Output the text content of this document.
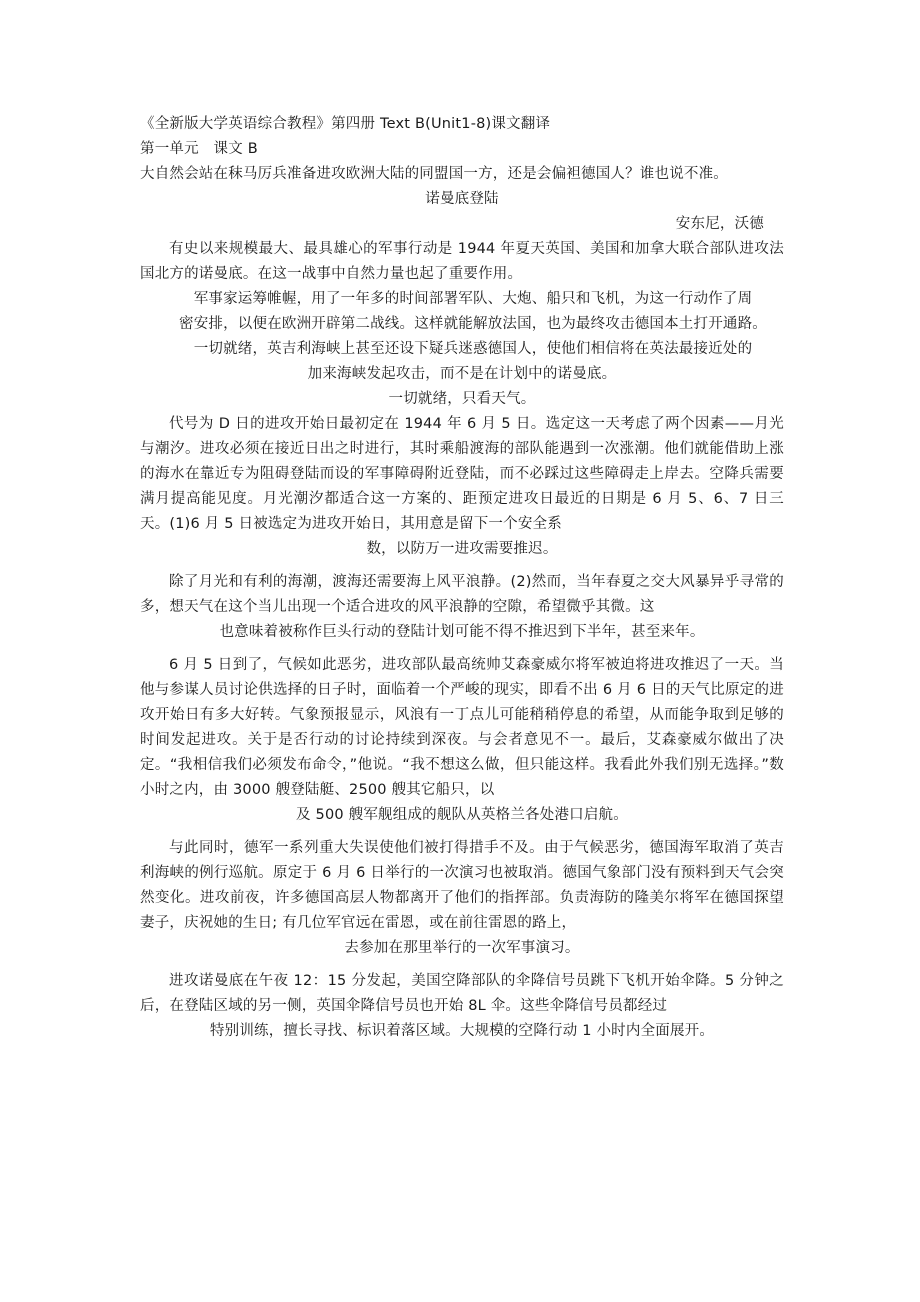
《全新版大学英语综合教程》第四册 Text B(Unit1-8)课文翻译

第一单元　课文 B

大自然会站在秣马厉兵准备进攻欧洲大陆的同盟国一方，还是会偏袒德国人？谁也说不准。

诺曼底登陆

安东尼，沃德

有史以来规模最大、最具雄心的军事行动是 1944 年夏天英国、美国和加拿大联合部队进攻法国北方的诺曼底。在这一战事中自然力量也起了重要作用。

军事家运筹帷幄，用了一年多的时间部署军队、大炮、船只和飞机，为这一行动作了周

密安排，以便在欧洲开辟第二战线。这样就能解放法国，也为最终攻击德国本土打开通路。

一切就绪，英吉利海峡上甚至还设下疑兵迷惑德国人，使他们相信将在英法最接近处的

加来海峡发起攻击，而不是在计划中的诺曼底。

一切就绪，只看天气。

代号为 D 日的进攻开始日最初定在 1944 年 6 月 5 日。选定这一天考虑了两个因素——月光与潮汐。进攻必须在接近日出之时进行，其时乘船渡海的部队能遇到一次涨潮。他们就能借助上涨的海水在靠近专为阻碍登陆而设的军事障碍附近登陆，而不必踩过这些障碍走上岸去。空降兵需要满月提高能见度。月光潮汐都适合这一方案的、距预定进攻日最近的日期是 6 月 5、6、7 日三天。(1)6 月 5 日被选定为进攻开始日，其用意是留下一个安全系
数，以防万一进攻需要推迟。
除了月光和有利的海潮，渡海还需要海上风平浪静。(2)然而，当年春夏之交大风暴异乎寻常的多，想天气在这个当儿出现一个适合进攻的风平浪静的空隙，希望微乎其微。这
也意味着被称作巨头行动的登陆计划可能不得不推迟到下半年，甚至来年。
6 月 5 日到了，气候如此恶劣，进攻部队最高统帅艾森豪威尔将军被迫将进攻推迟了一天。当他与参谋人员讨论供选择的日子时，面临着一个严峻的现实，即看不出 6 月 6 日的天气比原定的进攻开始日有多大好转。气象预报显示，风浪有一丁点儿可能稍稍停息的希望，从而能争取到足够的时间发起进攻。关于是否行动的讨论持续到深夜。与会者意见不一。最后，艾森豪威尔做出了决定。“我相信我们必须发布命令，”他说。“我不想这么做，但只能这样。我看此外我们别无选择。”数小时之内，由 3000 艘登陆艇、2500 艘其它船只，以
及 500 艘军舰组成的舰队从英格兰各处港口启航。
与此同时，德军一系列重大失误使他们被打得措手不及。由于气候恶劣，德国海军取消了英吉利海峡的例行巡航。原定于 6 月 6 日举行的一次演习也被取消。德国气象部门没有预料到天气会突然变化。进攻前夜，许多德国高层人物都离开了他们的指挥部。负责海防的隆美尔将军在德国探望妻子，庆祝她的生日; 有几位军官远在雷恩，或在前往雷恩的路上，
去参加在那里举行的一次军事演习。
进攻诺曼底在午夜 12：15 分发起，美国空降部队的伞降信号员跳下飞机开始伞降。5 分钟之后，在登陆区域的另一侧，英国伞降信号员也开始 8L 伞。这些伞降信号员都经过
特别训练，擅长寻找、标识着落区域。大规模的空降行动 1 小时内全面展开。
